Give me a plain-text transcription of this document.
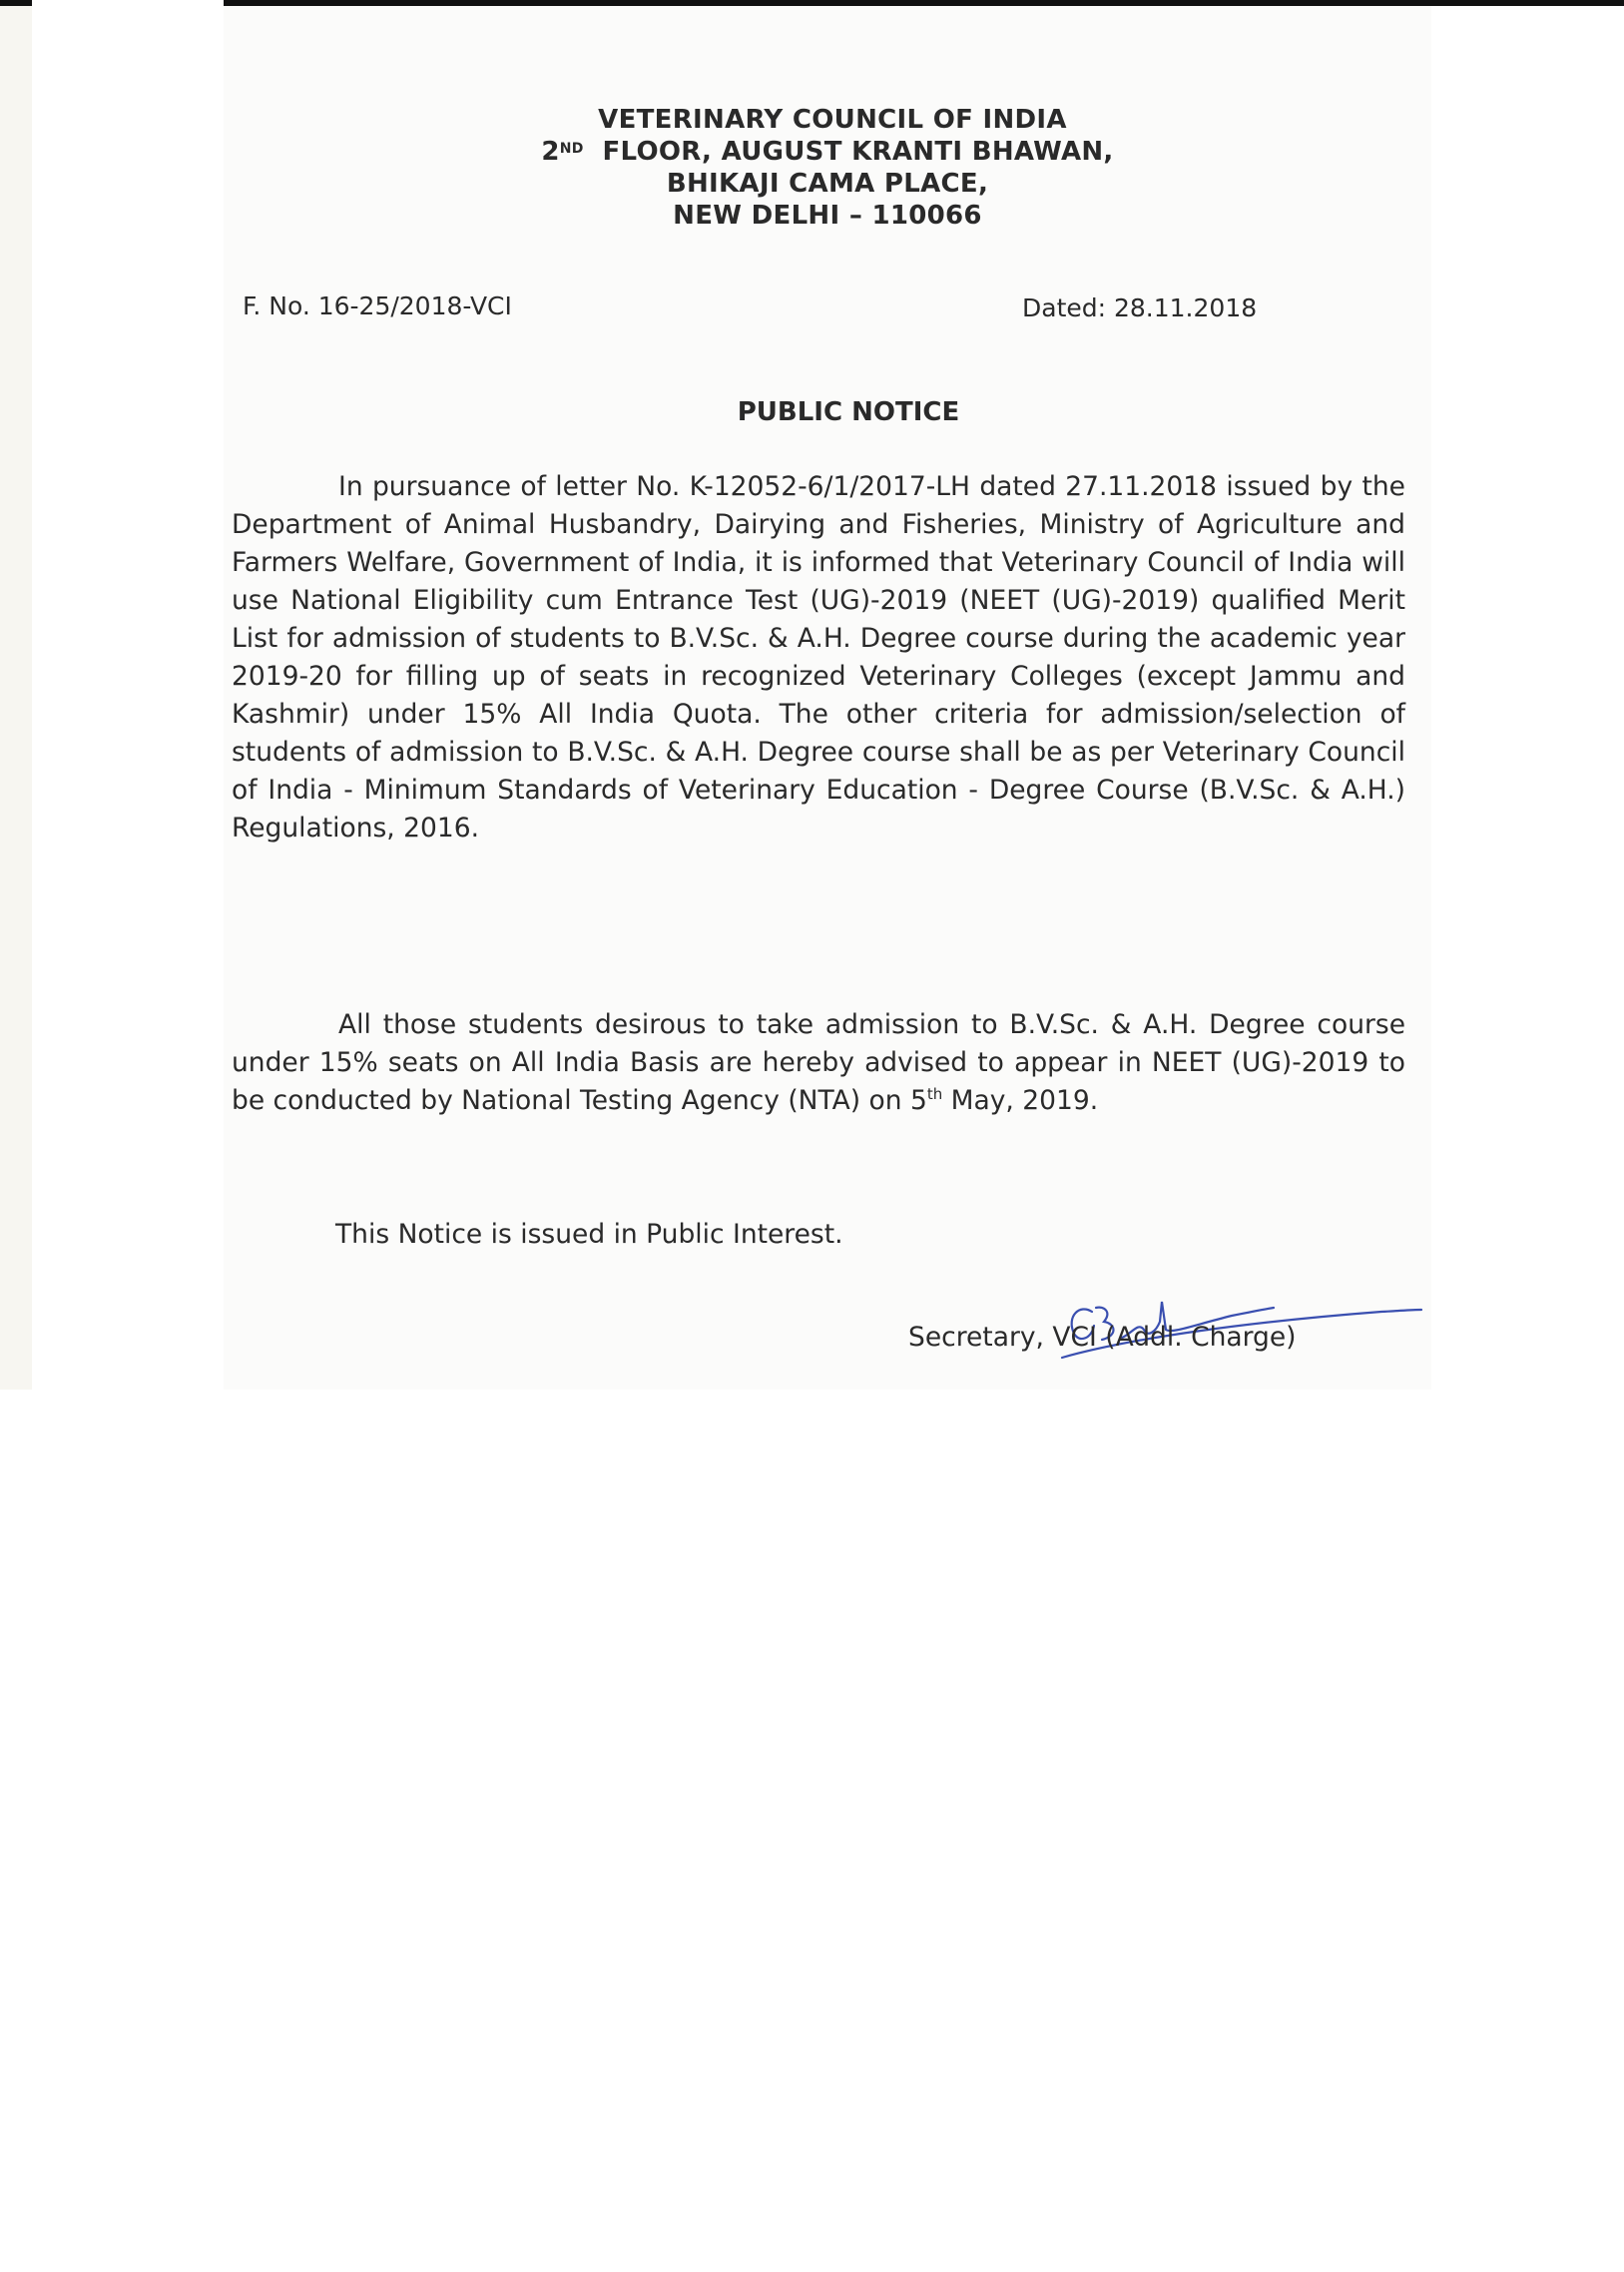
VETERINARY COUNCIL OF INDIA
2ND FLOOR, AUGUST KRANTI BHAWAN,
BHIKAJI CAMA PLACE,
NEW DELHI – 110066
F. No. 16-25/2018-VCI	Dated: 28.11.2018
PUBLIC NOTICE
In pursuance of letter No. K-12052-6/1/2017-LH dated 27.11.2018 issued by the Department of Animal Husbandry, Dairying and Fisheries, Ministry of Agriculture and Farmers Welfare, Government of India, it is informed that Veterinary Council of India will use National Eligibility cum Entrance Test (UG)-2019 (NEET (UG)-2019) qualified Merit List for admission of students to B.V.Sc. & A.H. Degree course during the academic year 2019-20 for filling up of seats in recognized Veterinary Colleges (except Jammu and Kashmir) under 15% All India Quota. The other criteria for admission/selection of students of admission to B.V.Sc. & A.H. Degree course shall be as per Veterinary Council of India - Minimum Standards of Veterinary Education - Degree Course (B.V.Sc. & A.H.) Regulations, 2016.
All those students desirous to take admission to B.V.Sc. & A.H. Degree course under 15% seats on All India Basis are hereby advised to appear in NEET (UG)-2019 to be conducted by National Testing Agency (NTA) on 5th May, 2019.
This Notice is issued in Public Interest.
Secretary, VCI (Addl. Charge)
